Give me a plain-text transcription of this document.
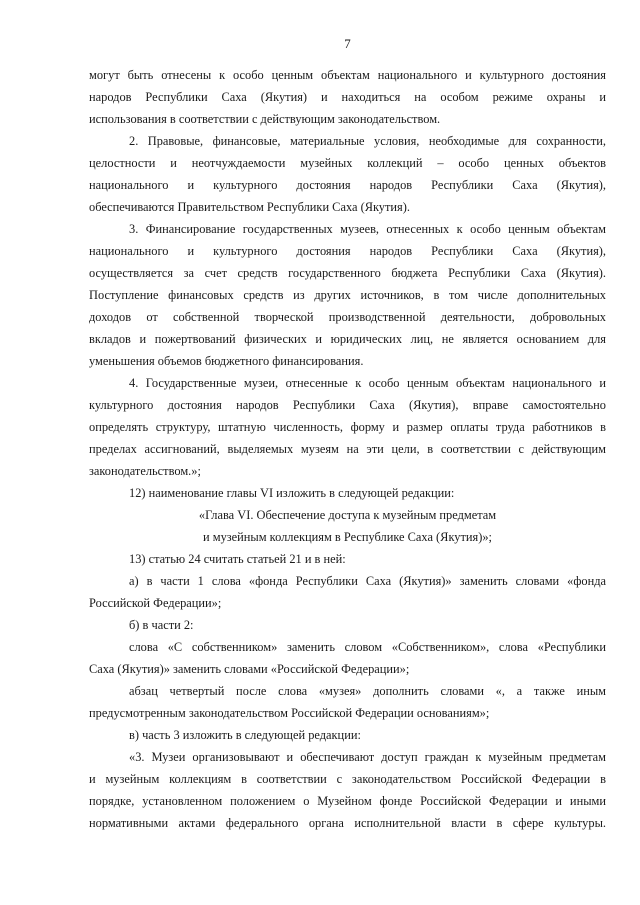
7
могут быть отнесены к особо ценным объектам национального и культурного достояния
народов Республики Саха (Якутия) и находиться на особом режиме охраны и
использования в соответствии с действующим законодательством.
2. Правовые, финансовые, материальные условия, необходимые для сохранности,
целостности и неотчуждаемости музейных коллекций – особо ценных объектов
национального и культурного достояния народов Республики Саха (Якутия),
обеспечиваются Правительством Республики Саха (Якутия).
3. Финансирование государственных музеев, отнесенных к особо ценным объектам
национального и культурного достояния народов Республики Саха (Якутия),
осуществляется за счет средств государственного бюджета Республики Саха (Якутия).
Поступление финансовых средств из других источников, в том числе дополнительных
доходов от собственной творческой производственной деятельности, добровольных
вкладов и пожертвований физических и юридических лиц, не является основанием для
уменьшения объемов бюджетного финансирования.
4. Государственные музеи, отнесенные к особо ценным объектам национального и
культурного достояния народов Республики Саха (Якутия), вправе самостоятельно
определять структуру, штатную численность, форму и размер оплаты труда работников в
пределах ассигнований, выделяемых музеям на эти цели, в соответствии с действующим
законодательством.»;
12) наименование главы VI изложить в следующей редакции:
«Глава VI. Обеспечение доступа к музейным предметам
и музейным коллекциям в Республике Саха (Якутия)»;
13) статью 24 считать статьей 21 и в ней:
а) в части 1 слова «фонда Республики Саха (Якутия)» заменить словами «фонда
Российской Федерации»;
б) в части 2:
слова «С собственником» заменить словом «Собственником», слова «Республики
Саха (Якутия)» заменить словами «Российской Федерации»;
абзац четвертый после слова «музея» дополнить словами «, а также иным
предусмотренным законодательством Российской Федерации основаниям»;
в) часть 3 изложить в следующей редакции:
«3. Музеи организовывают и обеспечивают доступ граждан к музейным предметам
и музейным коллекциям в соответствии с законодательством Российской Федерации в
порядке, установленном положением о Музейном фонде Российской Федерации и иными
нормативными актами федерального органа исполнительной власти в сфере культуры.
